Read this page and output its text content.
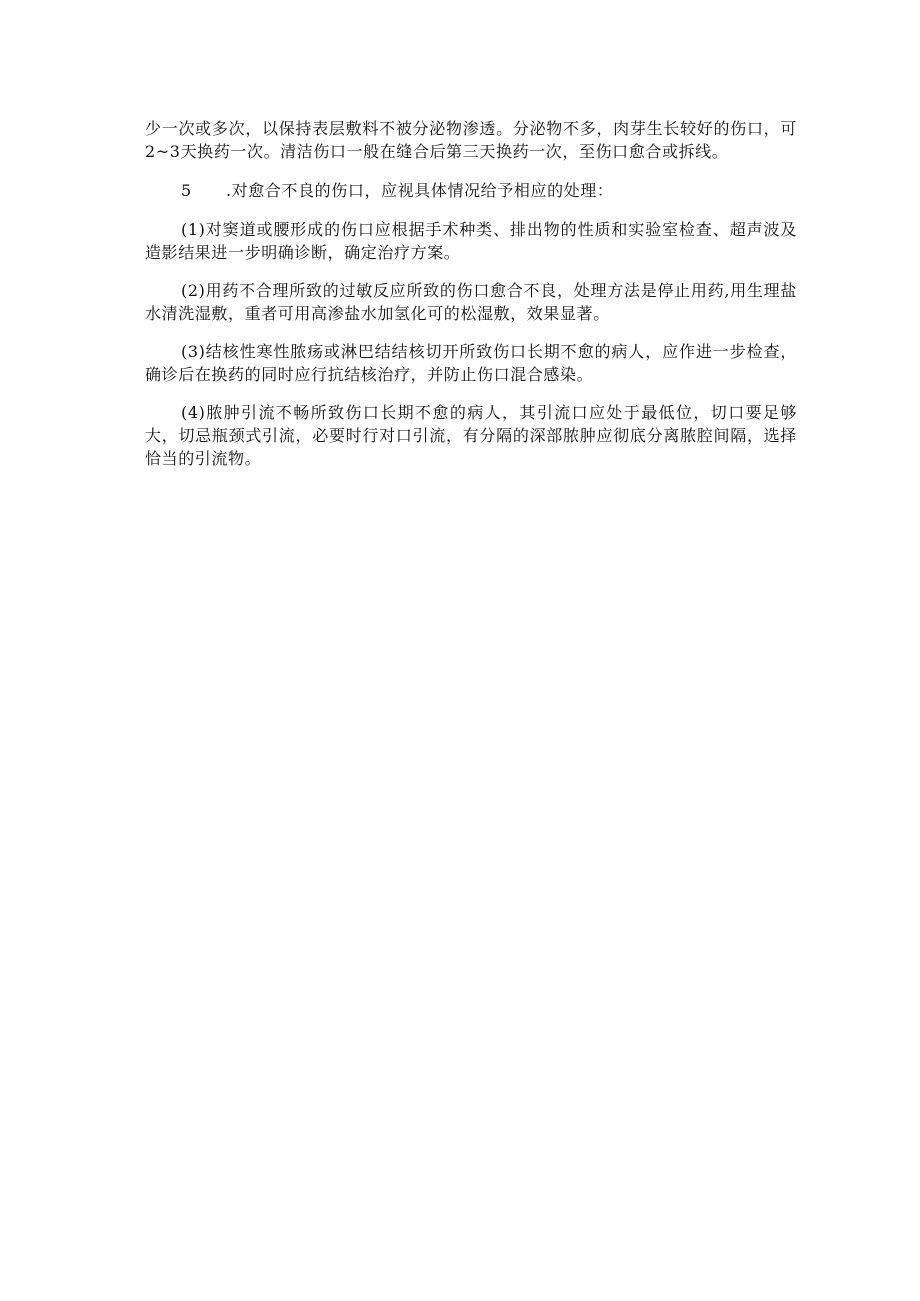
少一次或多次，以保持表层敷料不被分泌物渗透。分泌物不多，肉芽生长较好的伤口，可2~3天换药一次。清洁伤口一般在缝合后第三天换药一次，至伤口愈合或拆线。

5 .对愈合不良的伤口，应视具体情况给予相应的处理：

(1)对窦道或腰形成的伤口应根据手术种类、排出物的性质和实验室检查、超声波及造影结果进一步明确诊断，确定治疗方案。

(2)用药不合理所致的过敏反应所致的伤口愈合不良，处理方法是停止用药,用生理盐水清洗湿敷，重者可用高渗盐水加氢化可的松湿敷，效果显著。

(3)结核性寒性脓疡或淋巴结结核切开所致伤口长期不愈的病人，应作进一步检查，确诊后在换药的同时应行抗结核治疗，并防止伤口混合感染。

(4)脓肿引流不畅所致伤口长期不愈的病人，其引流口应处于最低位，切口要足够大，切忌瓶颈式引流，必要时行对口引流，有分隔的深部脓肿应彻底分离脓腔间隔，选择恰当的引流物。
